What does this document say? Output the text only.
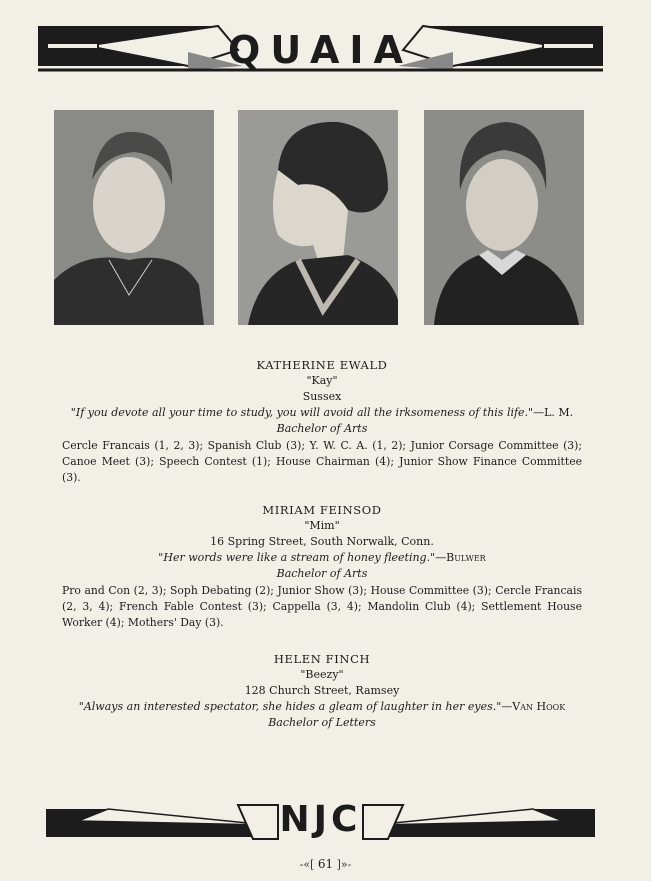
QUAIA

KATHERINE EWALD

"Kay"

Sussex

"If you devote all your time to study, you will avoid all the irksomeness of this life."—L. M.

Bachelor of Arts

Cercle Francais (1, 2, 3); Spanish Club (3); Y. W. C. A. (1, 2); Junior Corsage Committee (3); Canoe Meet (3); Speech Contest (1); House Chairman (4); Junior Show Finance Committee (3).

MIRIAM FEINSOD

"Mim"

16 Spring Street, South Norwalk, Conn.

"Her words were like a stream of honey fleeting."—Bulwer

Bachelor of Arts

Pro and Con (2, 3); Soph Debating (2); Junior Show (3); House Committee (3); Cercle Francais (2, 3, 4); French Fable Contest (3); Cappella (3, 4); Mandolin Club (4); Settlement House Worker (4); Mothers' Day (3).

HELEN FINCH

"Beezy"

128 Church Street, Ramsey

"Always an interested spectator, she hides a gleam of laughter in her eyes."—Van Hook

Bachelor of Letters

NJC
-«[ 61 ]»-
